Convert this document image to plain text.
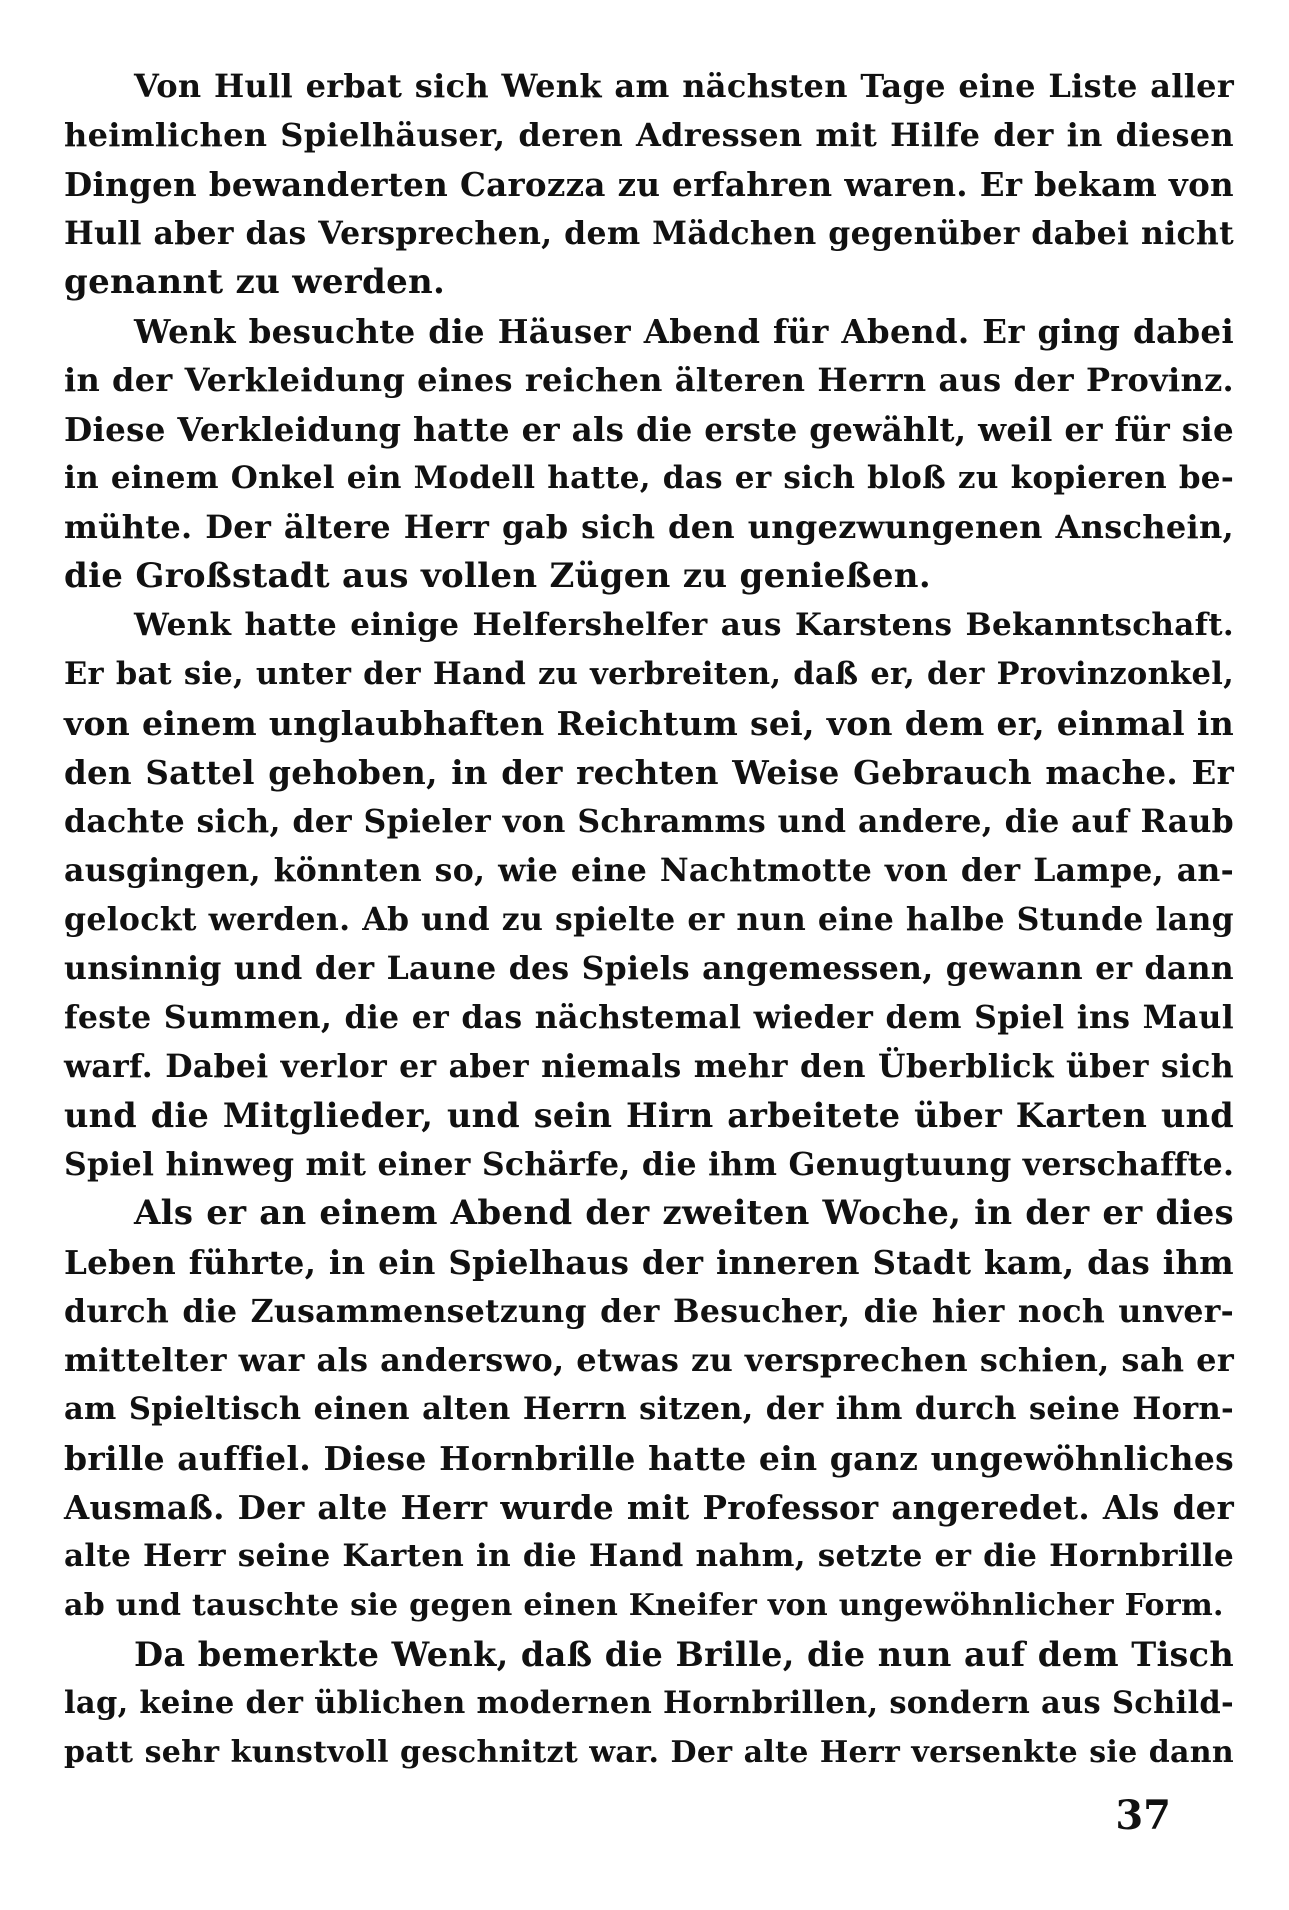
Von Hull erbat sich Wenk am nächsten Tage eine Liste aller
heimlichen Spielhäuser, deren Adressen mit Hilfe der in diesen
Dingen bewanderten Carozza zu erfahren waren. Er bekam von
Hull aber das Versprechen, dem Mädchen gegenüber dabei nicht
genannt zu werden.
Wenk besuchte die Häuser Abend für Abend. Er ging dabei
in der Verkleidung eines reichen älteren Herrn aus der Provinz.
Diese Verkleidung hatte er als die erste gewählt, weil er für sie
in einem Onkel ein Modell hatte, das er sich bloß zu kopieren be-
mühte. Der ältere Herr gab sich den ungezwungenen Anschein,
die Großstadt aus vollen Zügen zu genießen.
Wenk hatte einige Helfershelfer aus Karstens Bekanntschaft.
Er bat sie, unter der Hand zu verbreiten, daß er, der Provinzonkel,
von einem unglaubhaften Reichtum sei, von dem er, einmal in
den Sattel gehoben, in der rechten Weise Gebrauch mache. Er
dachte sich, der Spieler von Schramms und andere, die auf Raub
ausgingen, könnten so, wie eine Nachtmotte von der Lampe, an-
gelockt werden. Ab und zu spielte er nun eine halbe Stunde lang
unsinnig und der Laune des Spiels angemessen, gewann er dann
feste Summen, die er das nächstemal wieder dem Spiel ins Maul
warf. Dabei verlor er aber niemals mehr den Überblick über sich
und die Mitglieder, und sein Hirn arbeitete über Karten und
Spiel hinweg mit einer Schärfe, die ihm Genugtuung verschaffte.
Als er an einem Abend der zweiten Woche, in der er dies
Leben führte, in ein Spielhaus der inneren Stadt kam, das ihm
durch die Zusammensetzung der Besucher, die hier noch unver-
mittelter war als anderswo, etwas zu versprechen schien, sah er
am Spieltisch einen alten Herrn sitzen, der ihm durch seine Horn-
brille auffiel. Diese Hornbrille hatte ein ganz ungewöhnliches
Ausmaß. Der alte Herr wurde mit Professor angeredet. Als der
alte Herr seine Karten in die Hand nahm, setzte er die Hornbrille
ab und tauschte sie gegen einen Kneifer von ungewöhnlicher Form.
Da bemerkte Wenk, daß die Brille, die nun auf dem Tisch
lag, keine der üblichen modernen Hornbrillen, sondern aus Schild-
patt sehr kunstvoll geschnitzt war. Der alte Herr versenkte sie dann
37
